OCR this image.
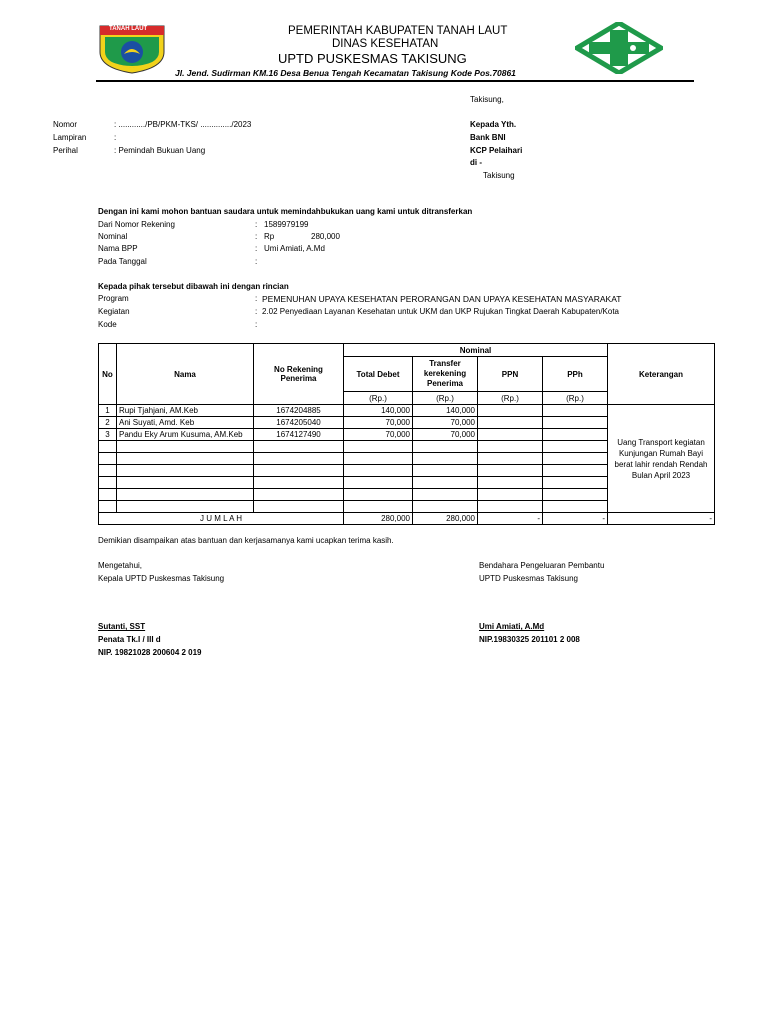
TANAH LAUT	PEMERINTAH KABUPATEN TANAH LAUT
DINAS KESEHATAN
UPTD PUSKESMAS TAKISUNG
Jl. Jend. Sudirman KM.16 Desa Benua Tengah Kecamatan Takisung Kode Pos.70861
Takisung,
Nomor	: ............/PB/PKM-TKS/ ............../2023
Lampiran	:
Perihal	: Pemindah Bukuan Uang
Kepada Yth.
Bank BNI
KCP Pelaihari
di -
Takisung
Dengan ini kami mohon bantuan saudara untuk memindahbukukan uang kami untuk ditransferkan
Dari Nomor Rekening	: 1589979199
Nominal	: Rp	280,000
Nama BPP	: Umi Amiati, A.Md
Pada Tanggal	:
Kepada pihak tersebut dibawah ini dengan rincian
Program	: PEMENUHAN UPAYA KESEHATAN PERORANGAN DAN UPAYA KESEHATAN MASYARAKAT
Kegiatan	: 2.02 Penyediaan Layanan Kesehatan untuk UKM dan UKP Rujukan Tingkat Daerah Kabupaten/Kota
Kode	:
No	Nama	No Rekening Penerima	Nominal				Keterangan
			Total Debet	Transfer kerekening Penerima	PPN	PPh	
			(Rp.)	(Rp.)	(Rp.)	(Rp.)	
1	Rupi Tjahjani, AM.Keb	1674204885	140,000	140,000			Uang Transport kegiatan Kunjungan Rumah Bayi berat lahir rendah Rendah Bulan April 2023

2	Ani Suyati, Amd. Keb	1674205040	70,000	70,000			
3	Pandu Eky Arum Kusuma, AM.Keb	1674127490	70,000	70,000			

J U M L A H			280,000	280,000	-	-	-
Demikian disampaikan atas bantuan dan kerjasamanya kami ucapkan terima kasih.
Mengetahui,
Kepala UPTD Puskesmas Takisung
Sutanti, SST
Penata Tk.I / III d
NIP. 19821028 200604 2 019
Bendahara Pengeluaran Pembantu
UPTD Puskesmas Takisung
Umi Amiati, A.Md
NIP.19830325 201101 2 008
